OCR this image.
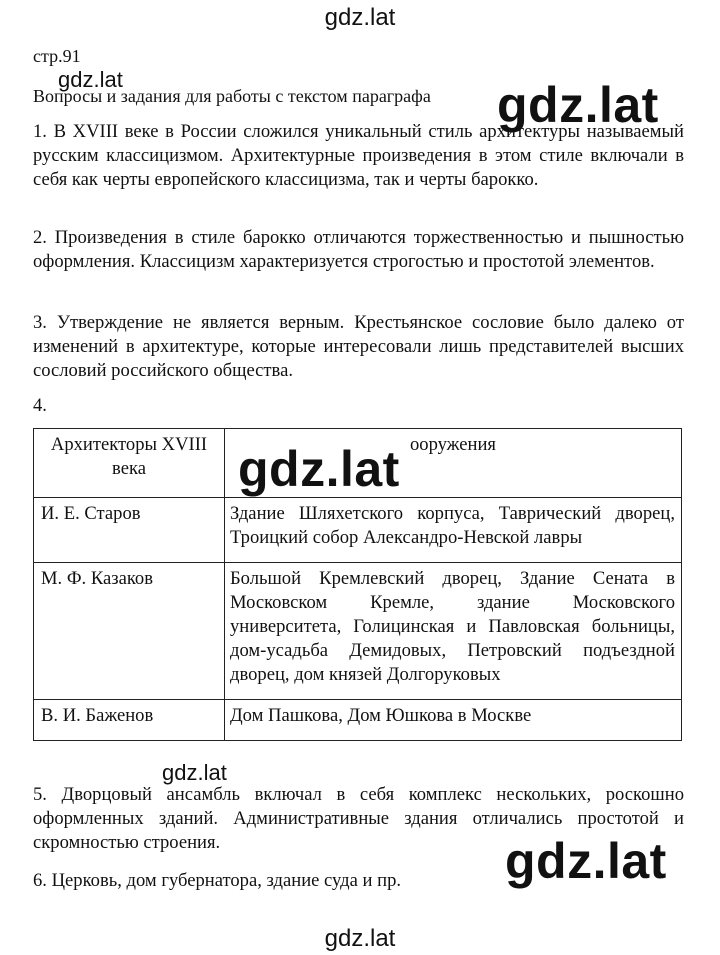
gdz.lat
стр.91
gdz.lat
Вопросы и задания для работы с текстом параграфа gdz.lat
1. В XVIII веке в России сложился уникальный стиль архитектуры называемый русским классицизмом. Архитектурные произведения в этом стиле включали в себя как черты европейского классицизма, так и черты барокко.
2. Произведения в стиле барокко отличаются торжественностью и пышностью оформления. Классицизм характеризуется строгостью и простотой элементов.
3. Утверждение не является верным. Крестьянское сословие было далеко от изменений в архитектуре, которые интересовали лишь представителей высших сословий российского общества.
4.
Архитекторы XVIII века	ооружения
И. Е. Старов	Здание Шляхетского корпуса, Таврический дворец, Троицкий собор Александро-Невской лавры
М. Ф. Казаков	Большой Кремлевский дворец, Здание Сената в Московском Кремле, здание Московского университета, Голицинская и Павловская больницы, дом-усадьба Демидовых, Петровский подъездной дворец, дом князей Долгоруковых
В. И. Баженов	Дом Пашкова, Дом Юшкова в Москве
gdz.lat
gdz.lat
5. Дворцовый ансамбль включал в себя комплекс нескольких, роскошно оформленных зданий. Административные здания отличались простотой и скромностью строения.
6. Церковь, дом губернатора, здание суда и пр.	gdz.lat
gdz.lat
